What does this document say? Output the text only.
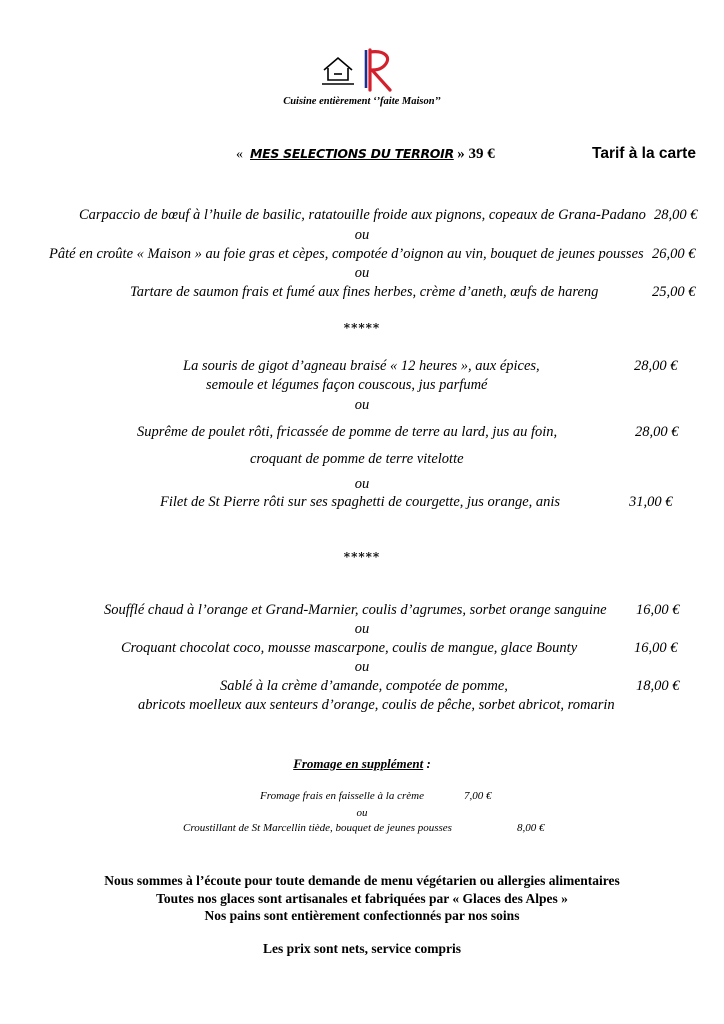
Cuisine entièrement ‘’faite Maison’’
« MES SELECTIONS DU TERROIR » 39 €	Tarif à la carte
Carpaccio de bœuf à l’huile de basilic, ratatouille froide aux pignons, copeaux de Grana-Padano 28,00 €
ou
Pâté en croûte « Maison » au foie gras et cèpes, compotée d’oignon au vin, bouquet de jeunes pousses 26,00 €
ou
Tartare de saumon frais et fumé aux fines herbes, crème d’aneth, œufs de hareng	25,00 €
*****
La souris de gigot d’agneau braisé « 12 heures », aux épices,	28,00 €
semoule et légumes façon couscous, jus parfumé
ou
Suprême de poulet rôti, fricassée de pomme de terre au lard, jus au foin,	28,00 €
croquant de pomme de terre vitelotte
ou
Filet de St Pierre rôti sur ses spaghetti de courgette, jus orange, anis	31,00 €
*****
Soufflé chaud à l’orange et Grand-Marnier, coulis d’agrumes, sorbet orange sanguine 16,00 €
ou
Croquant chocolat coco, mousse mascarpone, coulis de mangue, glace Bounty	16,00 €
ou
Sablé à la crème d’amande, compotée de pomme,	18,00 €
abricots moelleux aux senteurs d’orange, coulis de pêche, sorbet abricot, romarin
Fromage en supplément :
Fromage frais en faisselle à la crème	7,00 €
ou
Croustillant de St Marcellin tiède, bouquet de jeunes pousses	8,00 €
Nous sommes à l’écoute pour toute demande de menu végétarien ou allergies alimentaires
Toutes nos glaces sont artisanales et fabriquées par « Glaces des Alpes »
Nos pains sont entièrement confectionnés par nos soins
Les prix sont nets, service compris
